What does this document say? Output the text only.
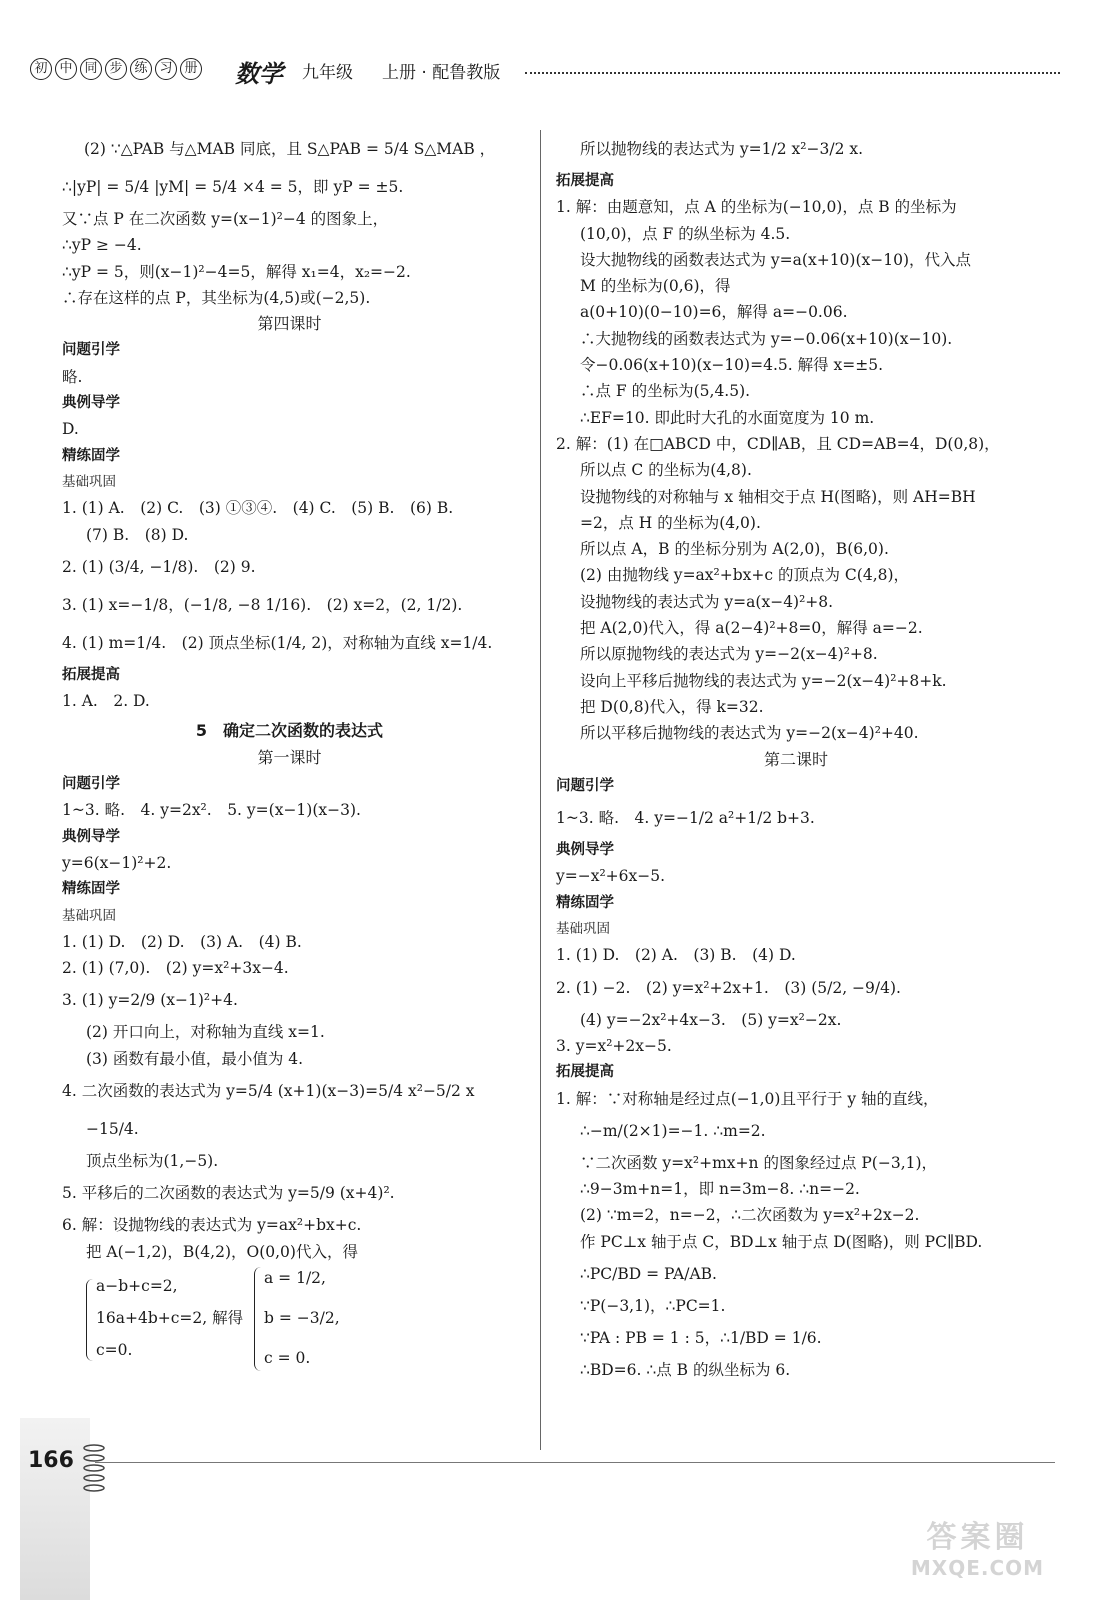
初 中 同 步 练 习 册 数学 九年级 上册 · 配鲁教版
(2) ∵△PAB 与△MAB 同底，且 S△PAB = 5/4 S△MAB ，
∴|yP| = 5/4 |yM| = 5/4 ×4 = 5，即 yP = ±5.
又∵点 P 在二次函数 y=(x−1)²−4 的图象上，
∴yP ≥ −4.
∴yP = 5，则(x−1)²−4=5，解得 x₁=4，x₂=−2.
∴存在这样的点 P，其坐标为(4,5)或(−2,5).
第四课时
问题引学
略.
典例导学
D.
精练固学
基础巩固
1. (1) A.　(2) C.　(3) ①③④.　(4) C.　(5) B.　(6) B.
(7) B.　(8) D.
2. (1) (3/4, −1/8).　(2) 9.
3. (1) x=−1/8，(−1/8, −8 1/16).　(2) x=2，(2, 1/2).
4. (1) m=1/4.　(2) 顶点坐标(1/4, 2)，对称轴为直线 x=1/4.
拓展提高
1. A.　2. D.
5　确定二次函数的表达式
第一课时
问题引学
1~3. 略.　4. y=2x².　5. y=(x−1)(x−3).
典例导学
y=6(x−1)²+2.
精练固学
基础巩固
1. (1) D.　(2) D.　(3) A.　(4) B.
2. (1) (7,0).　(2) y=x²+3x−4.
3. (1) y=2/9 (x−1)²+4.
(2) 开口向上，对称轴为直线 x=1.
(3) 函数有最小值，最小值为 4.
4. 二次函数的表达式为 y=5/4 (x+1)(x−3)=5/4 x²−5/2 x
−15/4.
顶点坐标为(1,−5).
5. 平移后的二次函数的表达式为 y=5/9 (x+4)².
6. 解：设抛物线的表达式为 y=ax²+bx+c.
把 A(−1,2)，B(4,2)，O(0,0)代入，得
a−b+c=2,
16a+4b+c=2, 解得
c=0.
a = 1/2,
b = −3/2,
c = 0.
所以抛物线的表达式为 y=1/2 x²−3/2 x.
拓展提高
1. 解：由题意知，点 A 的坐标为(−10,0)，点 B 的坐标为
(10,0)，点 F 的纵坐标为 4.5.
设大抛物线的函数表达式为 y=a(x+10)(x−10)，代入点
M 的坐标为(0,6)，得
a(0+10)(0−10)=6，解得 a=−0.06.
∴大抛物线的函数表达式为 y=−0.06(x+10)(x−10).
令−0.06(x+10)(x−10)=4.5. 解得 x=±5.
∴点 F 的坐标为(5,4.5).
∴EF=10. 即此时大孔的水面宽度为 10 m.
2. 解：(1) 在□ABCD 中，CD∥AB，且 CD=AB=4，D(0,8)，
所以点 C 的坐标为(4,8).
设抛物线的对称轴与 x 轴相交于点 H(图略)，则 AH=BH
=2，点 H 的坐标为(4,0).
所以点 A，B 的坐标分别为 A(2,0)，B(6,0).
(2) 由抛物线 y=ax²+bx+c 的顶点为 C(4,8)，
设抛物线的表达式为 y=a(x−4)²+8.
把 A(2,0)代入，得 a(2−4)²+8=0，解得 a=−2.
所以原抛物线的表达式为 y=−2(x−4)²+8.
设向上平移后抛物线的表达式为 y=−2(x−4)²+8+k.
把 D(0,8)代入，得 k=32.
所以平移后抛物线的表达式为 y=−2(x−4)²+40.
第二课时
问题引学
1~3. 略.　4. y=−1/2 a²+1/2 b+3.
典例导学
y=−x²+6x−5.
精练固学
基础巩固
1. (1) D.　(2) A.　(3) B.　(4) D.
2. (1) −2.　(2) y=x²+2x+1.　(3) (5/2, −9/4).
(4) y=−2x²+4x−3.　(5) y=x²−2x.
3. y=x²+2x−5.
拓展提高
1. 解：∵对称轴是经过点(−1,0)且平行于 y 轴的直线，
∴−m/(2×1)=−1. ∴m=2.
∵二次函数 y=x²+mx+n 的图象经过点 P(−3,1)，
∴9−3m+n=1，即 n=3m−8. ∴n=−2.
(2) ∵m=2，n=−2，∴二次函数为 y=x²+2x−2.
作 PC⊥x 轴于点 C，BD⊥x 轴于点 D(图略)，则 PC∥BD.
∴PC/BD = PA/AB.
∵P(−3,1)，∴PC=1.
∵PA : PB = 1 : 5，∴1/BD = 1/6.
∴BD=6. ∴点 B 的纵坐标为 6.
166
答案圈
MXQE.COM
